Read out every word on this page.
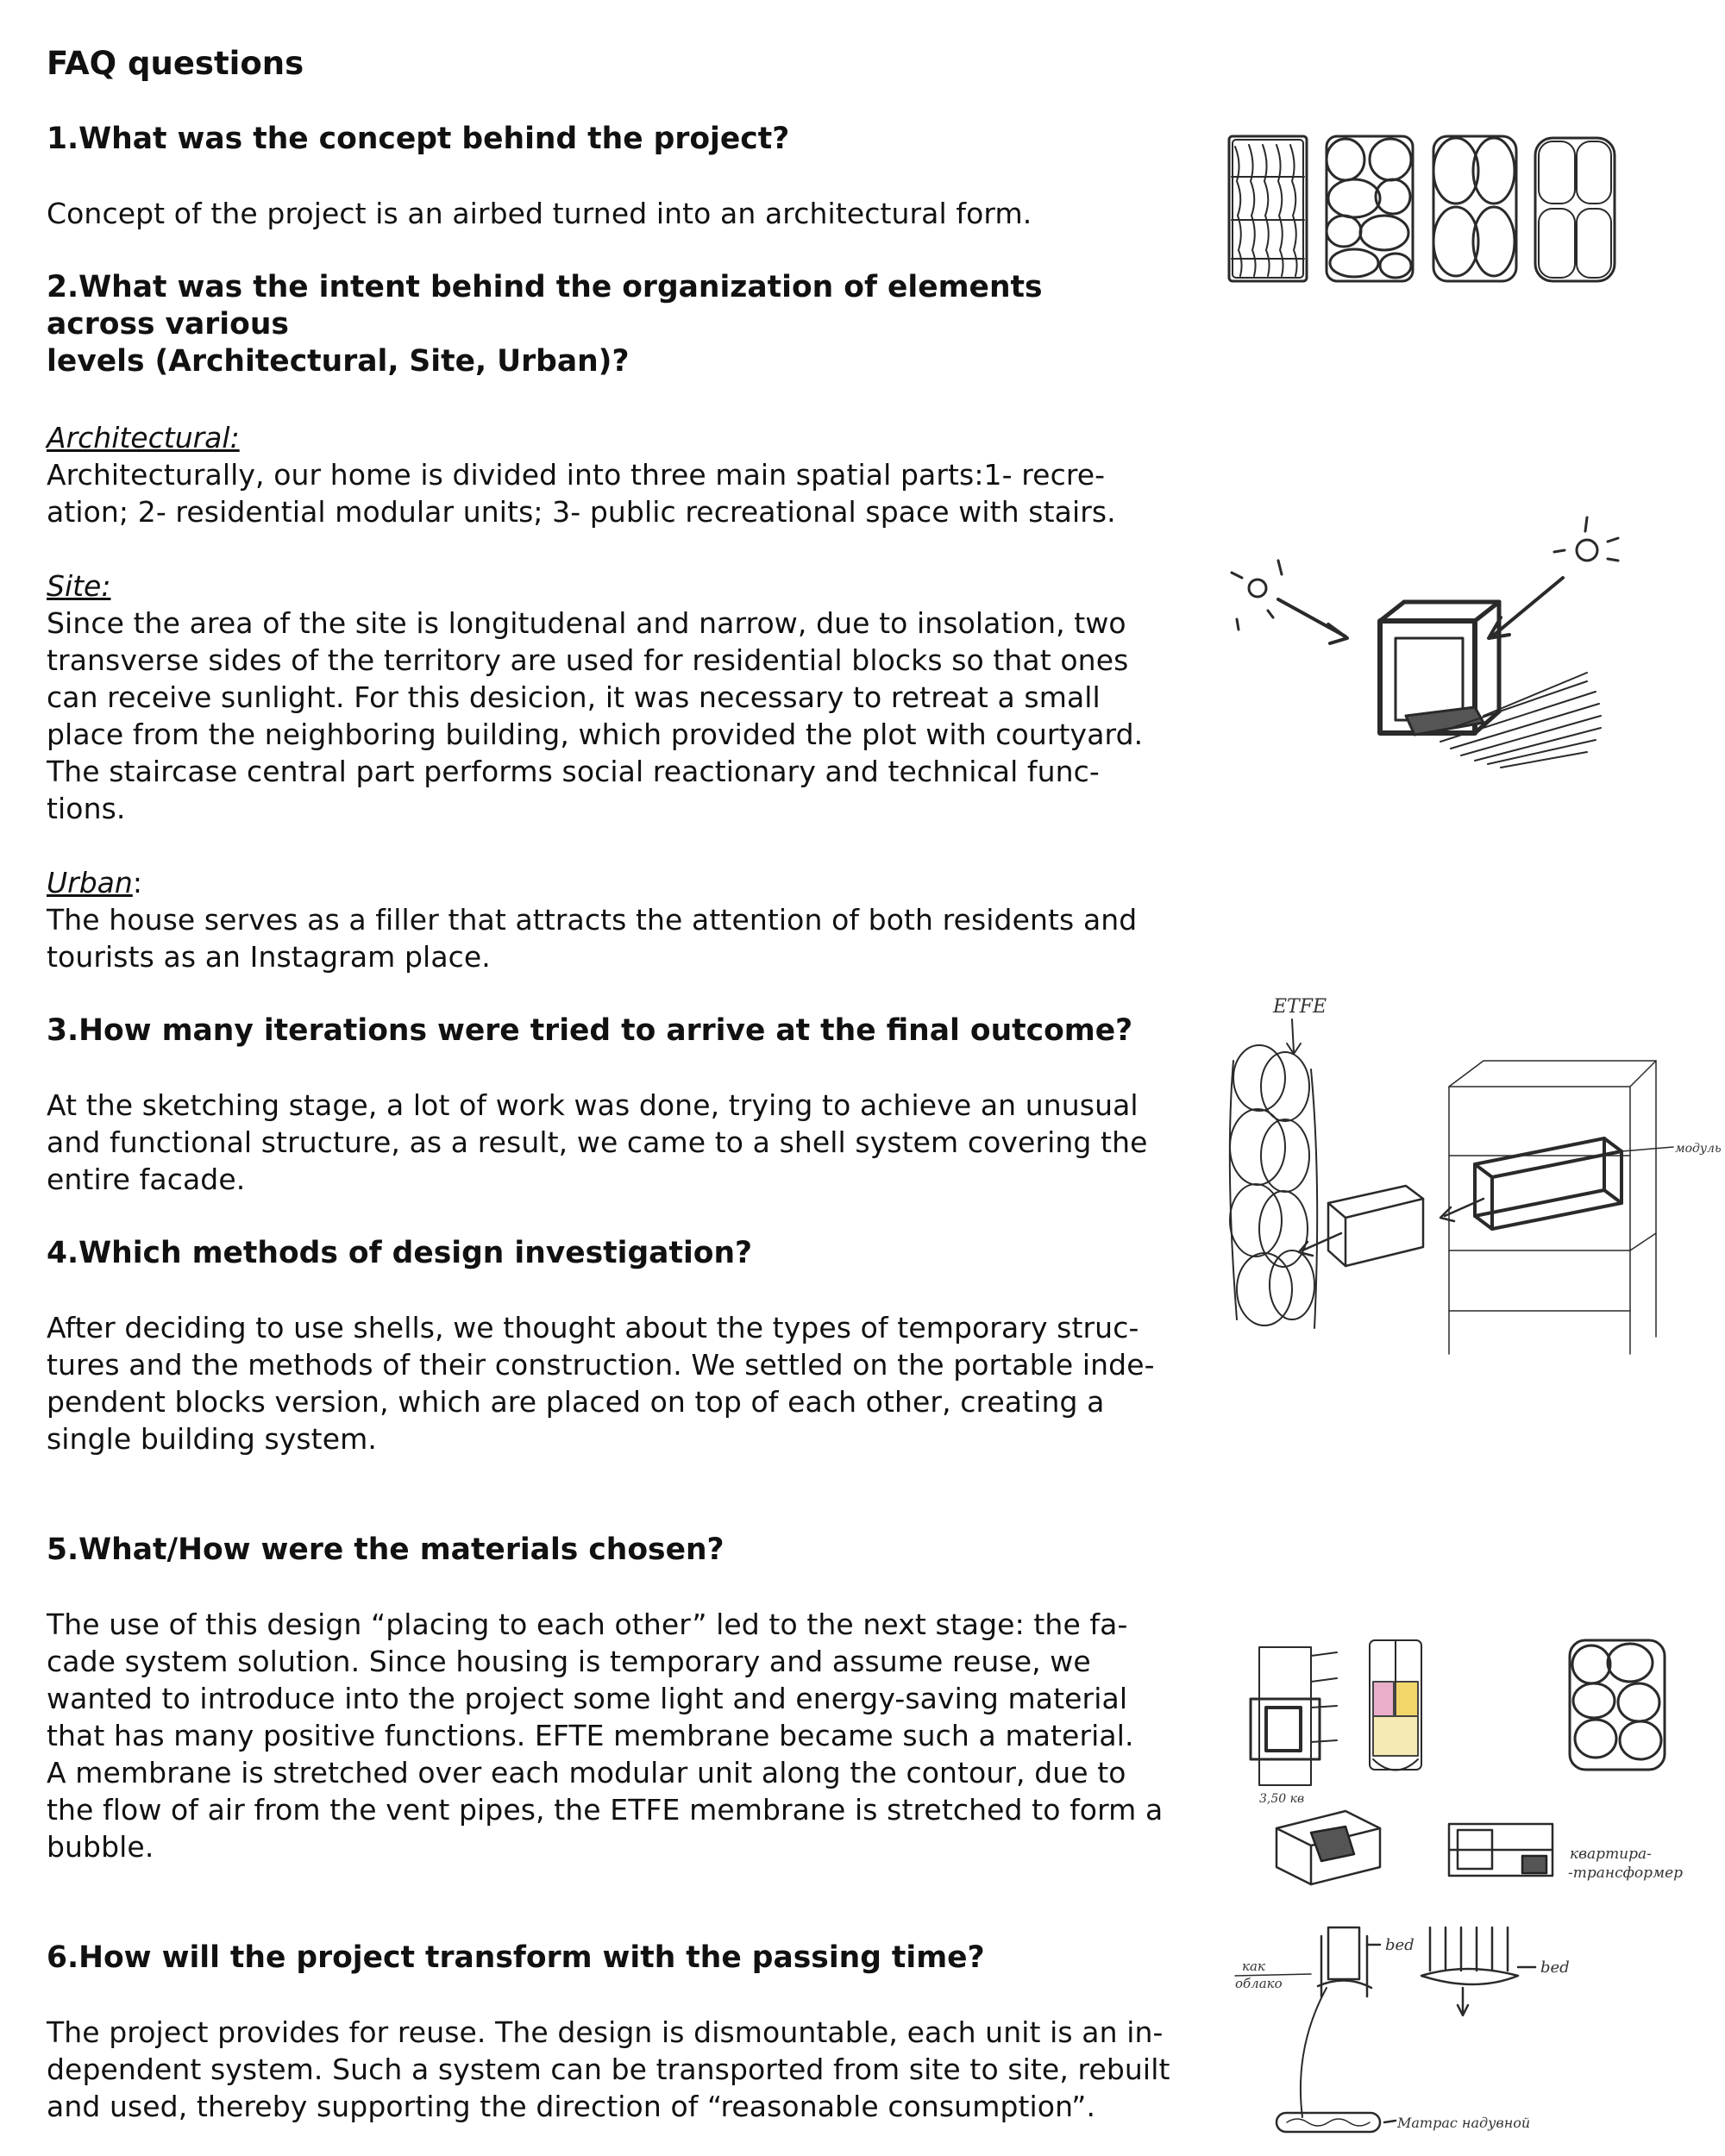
FAQ questions
1.What was the concept behind the project?

Concept of the project is an airbed turned into an architectural form.

2.What was the intent behind the organization of elements
across various
levels (Architectural, Site, Urban)?
Architectural:

Architecturally, our home is divided into three main spatial parts:1- recre-
ation; 2- residential modular units; 3- public recreational space with stairs.

Site:

Since the area of the site is longitudenal and narrow, due to insolation, two
transverse sides of the territory are used for residential blocks so that ones
can receive sunlight. For this desicion, it was necessary to retreat a small
place from the neighboring building, which provided the plot with courtyard.
The staircase central part performs social reactionary and technical func-
tions.

Urban:

The house serves as a filler that attracts the attention of both residents and
tourists as an Instagram place.

3.How many iterations were tried to arrive at the final outcome?

At the sketching stage, a lot of work was done, trying to achieve an unusual
and functional structure, as a result, we came to a shell system covering the
entire facade.

4.Which methods of design investigation?

After deciding to use shells, we thought about the types of temporary struc-
tures and the methods of their construction. We settled on the portable inde-
pendent blocks version, which are placed on top of each other, creating a
single building system.

5.What/How were the materials chosen?

The use of this design “placing to each other” led to the next stage: the fa-
cade system solution. Since housing is temporary and assume reuse, we
wanted to introduce into the project some light and energy-saving material
that has many positive functions. EFTE membrane became such a material.
A membrane is stretched over each modular unit along the contour, due to
the flow of air from the vent pipes, the ETFE membrane is stretched to form a
bubble.

6.How will the project transform with the passing time?

The project provides for reuse. The design is dismountable, each unit is an in-
dependent system. Such a system can be transported from site to site, rebuilt
and used, thereby supporting the direction of “reasonable consumption”.

ETFE
модуль
3,50 кв
квартира-
-трансформер
bed
как
облако
bed
Матрас надувной
